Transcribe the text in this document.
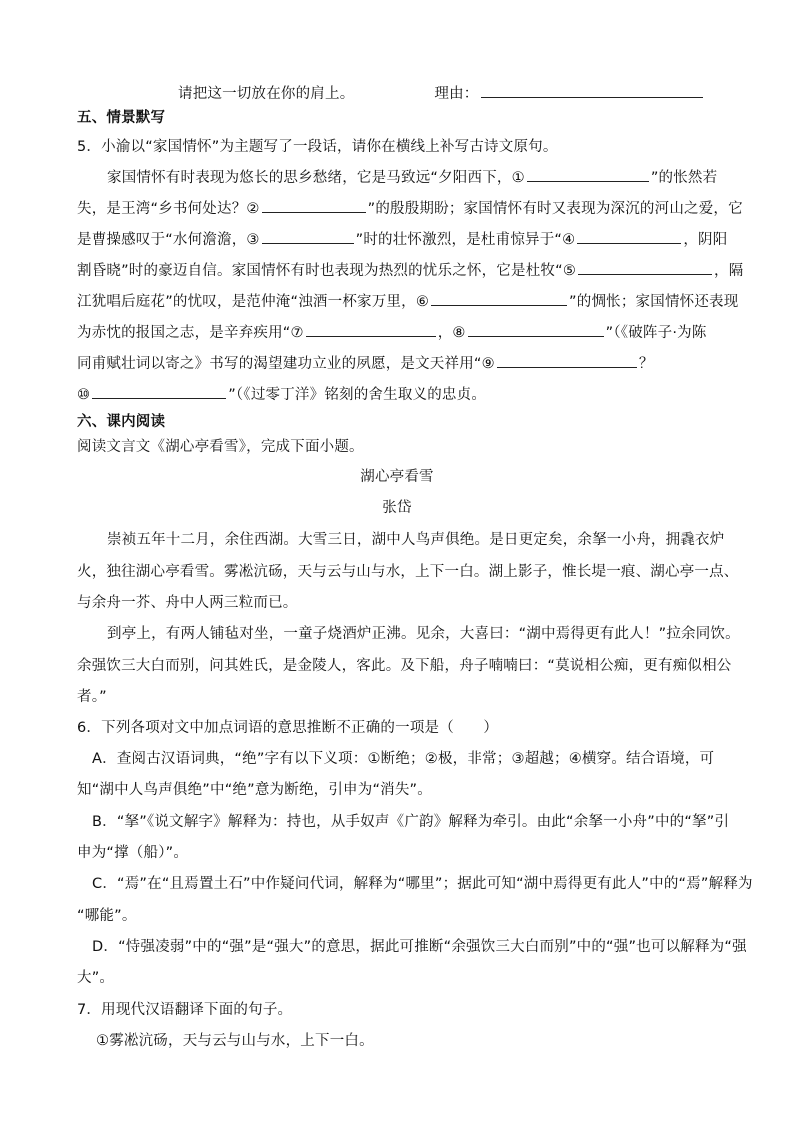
请把这一切放在你的肩上。	理由：
五、情景默写
5．小渝以“家国情怀”为主题写了一段话，请你在横线上补写古诗文原句。
家国情怀有时表现为悠长的思乡愁绪，它是马致远“夕阳西下，①	”的怅然若
失，是王湾“乡书何处达？②	”的殷殷期盼；家国情怀有时又表现为深沉的河山之爱，它
是曹操感叹于“水何澹澹，③	”时的壮怀激烈，是杜甫惊异于“④	，阴阳
割昏晓”时的豪迈自信。家国情怀有时也表现为热烈的忧乐之怀，它是杜牧“⑤	，隔
江犹唱后庭花”的忧叹，是范仲淹“浊酒一杯家万里，⑥	”的惆怅；家国情怀还表现
为赤忱的报国之志，是辛弃疾用“⑦	，⑧	”（《破阵子·为陈
同甫赋壮词以寄之》书写的渴望建功立业的夙愿，是文天祥用“⑨	？
⑩	”（《过零丁洋》铭刻的舍生取义的忠贞。
六、课内阅读
阅读文言文《湖心亭看雪》，完成下面小题。
湖心亭看雪
张岱
崇祯五年十二月，余住西湖。大雪三日，湖中人鸟声俱绝。是日更定矣，余拏一小舟，拥毳衣炉
火，独往湖心亭看雪。雾凇沆砀，天与云与山与水，上下一白。湖上影子，惟长堤一痕、湖心亭一点、
与余舟一芥、舟中人两三粒而已。
到亭上，有两人铺毡对坐，一童子烧酒炉正沸。见余，大喜曰：“湖中焉得更有此人！”拉余同饮。
余强饮三大白而别，问其姓氏，是金陵人，客此。及下船，舟子喃喃曰：“莫说相公痴，更有痴似相公
者。”
6．下列各项对文中加点词语的意思推断不正确的一项是（　　）
A．查阅古汉语词典，“绝”字有以下义项：①断绝；②极，非常；③超越；④横穿。结合语境，可
知“湖中人鸟声俱绝”中“绝”意为断绝，引申为“消失”。
B．“拏”《说文解字》解释为：持也，从手奴声《广韵》解释为牵引。由此“余拏一小舟”中的“拏”引
申为“撑（船）”。
C．“焉”在“且焉置土石”中作疑问代词，解释为“哪里”；据此可知“湖中焉得更有此人”中的“焉”解释为
“哪能”。
D．“恃强凌弱”中的“强”是“强大”的意思，据此可推断“余强饮三大白而别”中的“强”也可以解释为“强
大”。
7．用现代汉语翻译下面的句子。
①雾凇沆砀，天与云与山与水，上下一白。
